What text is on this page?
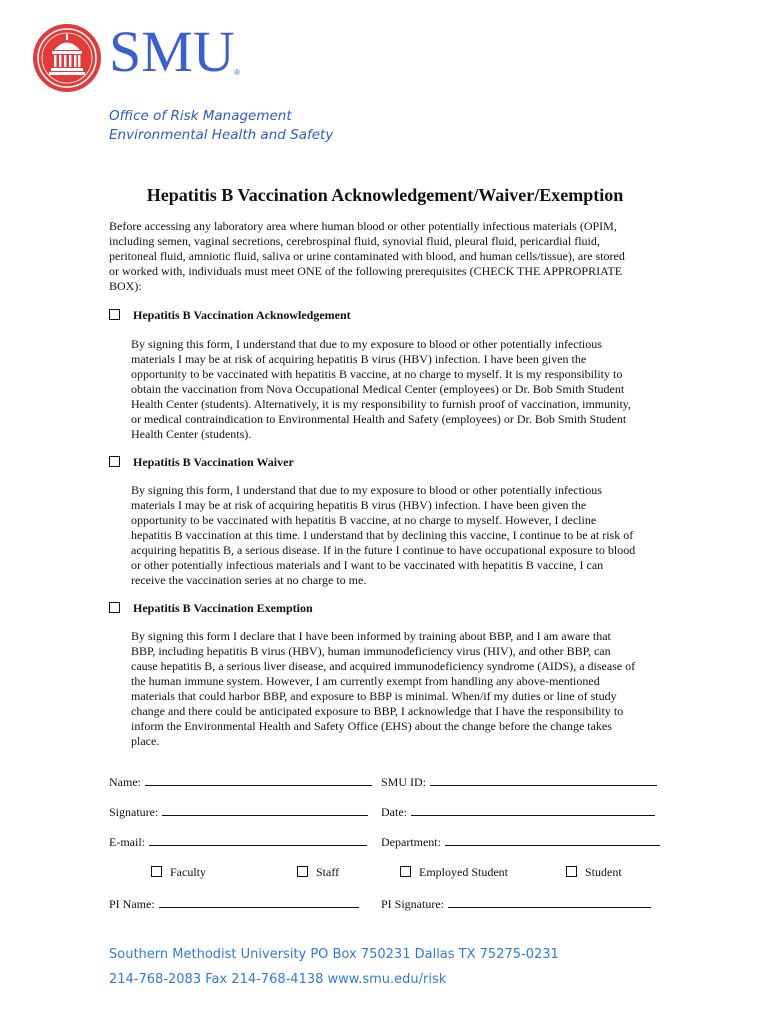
SMU ®
Office of Risk Management
Environmental Health and Safety
Hepatitis B Vaccination Acknowledgement/Waiver/Exemption
Before accessing any laboratory area where human blood or other potentially infectious materials (OPIM,
including semen, vaginal secretions, cerebrospinal fluid, synovial fluid, pleural fluid, pericardial fluid,
peritoneal fluid, amniotic fluid, saliva or urine contaminated with blood, and human cells/tissue), are stored
or worked with, individuals must meet ONE of the following prerequisites (CHECK THE APPROPRIATE
BOX):
Hepatitis B Vaccination Acknowledgement
By signing this form, I understand that due to my exposure to blood or other potentially infectious
materials I may be at risk of acquiring hepatitis B virus (HBV) infection. I have been given the
opportunity to be vaccinated with hepatitis B vaccine, at no charge to myself. It is my responsibility to
obtain the vaccination from Nova Occupational Medical Center (employees) or Dr. Bob Smith Student
Health Center (students). Alternatively, it is my responsibility to furnish proof of vaccination, immunity,
or medical contraindication to Environmental Health and Safety (employees) or Dr. Bob Smith Student
Health Center (students).
Hepatitis B Vaccination Waiver
By signing this form, I understand that due to my exposure to blood or other potentially infectious
materials I may be at risk of acquiring hepatitis B virus (HBV) infection. I have been given the
opportunity to be vaccinated with hepatitis B vaccine, at no charge to myself. However, I decline
hepatitis B vaccination at this time. I understand that by declining this vaccine, I continue to be at risk of
acquiring hepatitis B, a serious disease. If in the future I continue to have occupational exposure to blood
or other potentially infectious materials and I want to be vaccinated with hepatitis B vaccine, I can
receive the vaccination series at no charge to me.
Hepatitis B Vaccination Exemption
By signing this form I declare that I have been informed by training about BBP, and I am aware that
BBP, including hepatitis B virus (HBV), human immunodeficiency virus (HIV), and other BBP, can
cause hepatitis B, a serious liver disease, and acquired immunodeficiency syndrome (AIDS), a disease of
the human immune system. However, I am currently exempt from handling any above-mentioned
materials that could harbor BBP, and exposure to BBP is minimal. When/if my duties or line of study
change and there could be anticipated exposure to BBP, I acknowledge that I have the responsibility to
inform the Environmental Health and Safety Office (EHS) about the change before the change takes
place.
Name:	SMU ID:
Signature:	Date:
E-mail:	Department:
Faculty	Staff	Employed Student	Student
PI Name:	PI Signature:
Southern Methodist University PO Box 750231 Dallas TX 75275-0231
214-768-2083 Fax 214-768-4138 www.smu.edu/risk
